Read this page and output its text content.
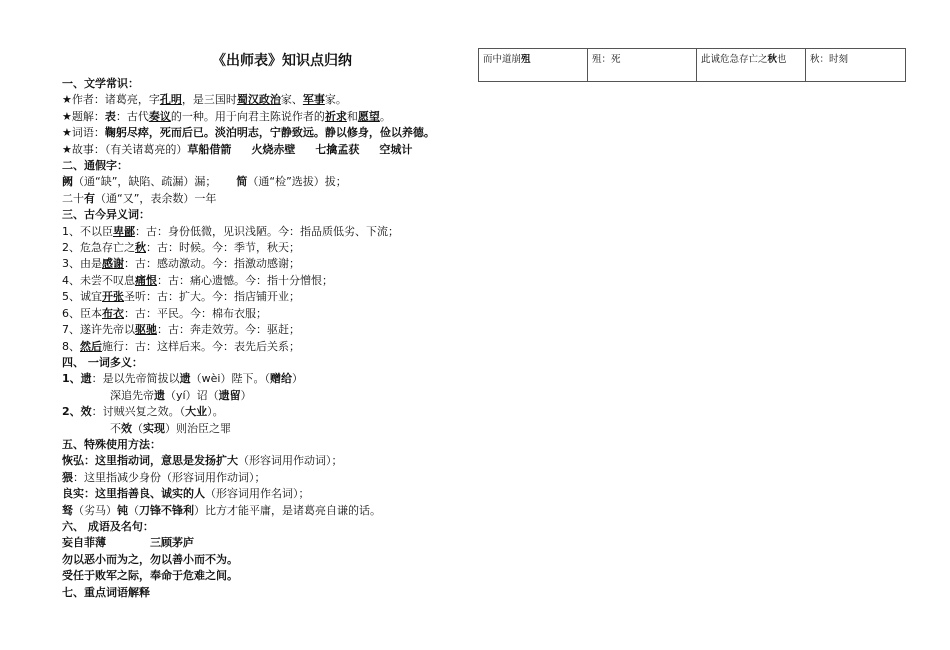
《出师表》知识点归纳
一、文学常识：
★作者：诸葛亮，字孔明，是三国时蜀汉政治家、军事家。
★题解：表：古代奏议的一种。用于向君主陈说作者的祈求和愿望。
★词语：鞠躬尽瘁，死而后已。淡泊明志，宁静致远。静以修身，俭以养德。
★故事：（有关诸葛亮的）草船借箭 火烧赤壁 七擒孟获 空城计
二、通假字：
阙（通“缺”，缺陷、疏漏）漏； 简（通“检”选拔）拔；
二十有（通“又”，表余数）一年
三、古今异义词：
1、不以臣卑鄙：古：身份低微，见识浅陋。今：指品质低劣、下流；
2、危急存亡之秋：古：时候。今：季节，秋天；
3、由是感谢：古：感动激动。今：指激动感谢；
4、未尝不叹息痛恨：古：痛心遗憾。今：指十分憎恨；
5、诚宜开张圣听：古：扩大。今：指店铺开业；
6、臣本布衣：古：平民。今：棉布衣服；
7、遂许先帝以驱驰：古：奔走效劳。今：驱赶；
8、然后施行：古：这样后来。今：表先后关系；
四、 一词多义：
1、遗：是以先帝简拔以遗（wèi）陛下。（赠给）
深追先帝遗（yí）诏（遗留）
2、效：讨贼兴复之效。（大业）。
不效（实现）则治臣之罪
五、特殊使用方法：
恢弘：这里指动词，意思是发扬扩大（形容词用作动词）；
猥：这里指减少身份（形容词用作动词）；
良实：这里指善良、诚实的人（形容词用作名词）；
驽（劣马）钝（刀锋不锋利）比方才能平庸，是诸葛亮自谦的话。
六、 成语及名句：
妄自菲薄	三顾茅庐
勿以恶小而为之，勿以善小而不为。
受任于败军之际，奉命于危难之间。
七、重点词语解释
而中道崩殂	殂：死	此诚危急存亡之秋也	秋：时刻
